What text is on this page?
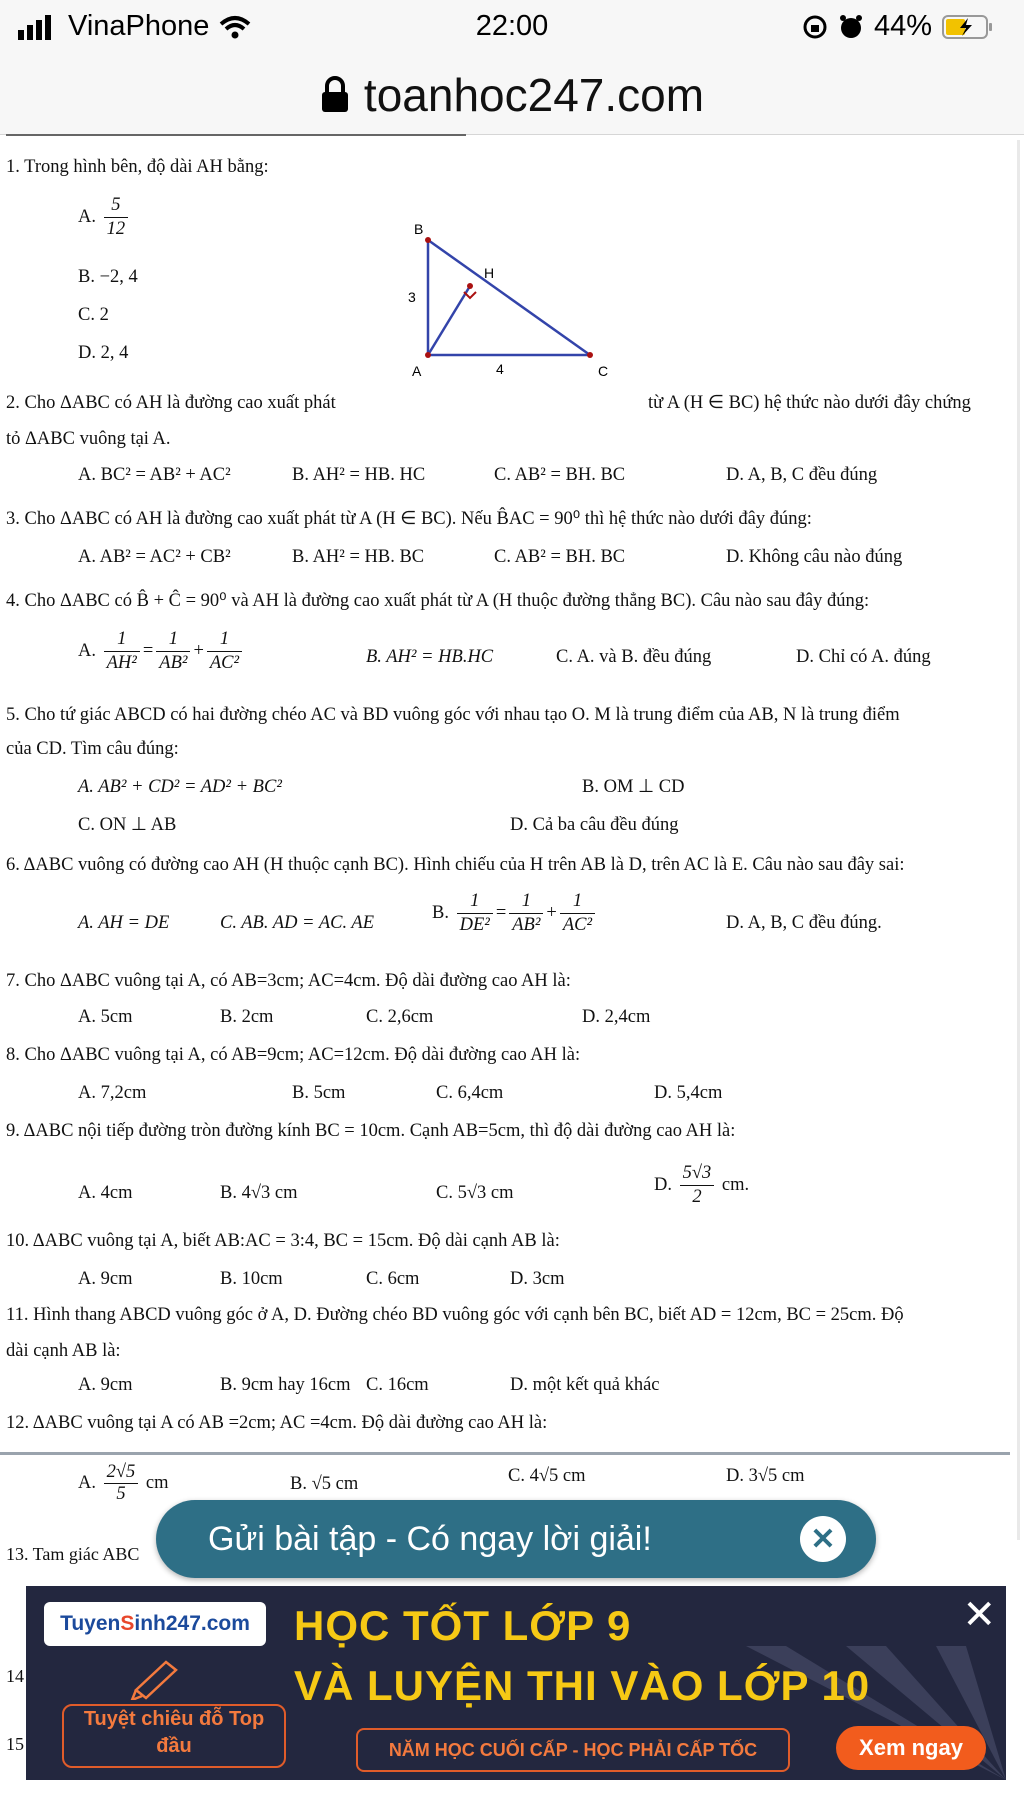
VinaPhone	22:00	44%
toanhoc247.com
1. Trong hình bên, độ dài AH bằng:
A. $\frac{5}{12}$
B. −2, 4
C. 2
D. 2, 4
B
H
A	C
3
4
2. Cho ΔABC có AH là đường cao xuất phát	từ A (H ∈ BC) hệ thức nào dưới đây chứng
tỏ ΔABC vuông tại A.
A. BC² = AB² + AC²	B. AH² = HB. HC	C. AB² = BH. BC	D. A, B, C đều đúng
3. Cho ΔABC có AH là đường cao xuất phát từ A (H ∈ BC). Nếu B̂AC = 90⁰ thì hệ thức nào dưới đây đúng:
A. AB² = AC² + CB²	B. AH² = HB. BC	C. AB² = BH. BC	D. Không câu nào đúng
4. Cho ΔABC có B̂ + Ĉ = 90⁰ và AH là đường cao xuất phát từ A (H thuộc đường thẳng BC). Câu nào sau đây đúng:
A. $\frac{1}{\text{AH²}} = \frac{1}{\text{AB²}} + \frac{1}{\text{AC²}}$	B. AH² = HB.HC	C. A. và B. đều đúng	D. Chỉ có A. đúng
5. Cho tứ giác ABCD có hai đường chéo AC và BD vuông góc với nhau tạo O. M là trung điểm của AB, N là trung điểm
của CD. Tìm câu đúng:
A. AB² + CD² = AD² + BC²	B. OM ⊥ CD
C. ON ⊥ AB	D. Cả ba câu đều đúng
6. ΔABC vuông có đường cao AH (H thuộc cạnh BC). Hình chiếu của H trên AB là D, trên AC là E. Câu nào sau đây sai:
A. AH = DE	C. AB. AD = AC. AE
B. $\frac{1}{\text{DE²}} = \frac{1}{\text{AB²}} + \frac{1}{\text{AC²}}$	D. A, B, C đều đúng.
7. Cho ΔABC vuông tại A, có AB=3cm; AC=4cm. Độ dài đường cao AH là:
A. 5cm	B. 2cm	C. 2,6cm	D. 2,4cm
8. Cho ΔABC vuông tại A, có AB=9cm; AC=12cm. Độ dài đường cao AH là:
A. 7,2cm	B. 5cm	C. 6,4cm	D. 5,4cm
9. ΔABC nội tiếp đường tròn đường kính BC = 10cm. Cạnh AB=5cm, thì độ dài đường cao AH là:
A. 4cm	B. 4√3 cm	C. 5√3 cm	D. $\frac{5√3}{2}$ cm.
10. ΔABC vuông tại A, biết AB:AC = 3:4, BC = 15cm. Độ dài cạnh AB là:
A. 9cm	B. 10cm	C. 6cm	D. 3cm
11. Hình thang ABCD vuông góc ở A, D. Đường chéo BD vuông góc với cạnh bên BC, biết AD = 12cm, BC = 25cm. Độ
dài cạnh AB là:
A. 9cm	B. 9cm hay 16cm C. 16cm	D. một kết quả khác
12. ΔABC vuông tại A có AB =2cm; AC =4cm. Độ dài đường cao AH là:
A. $\frac{2√5}{5}$ cm	B. √5 cm	C. 4√5 cm	D. 3√5 cm
13. Tam giác ABC
14
15
Gửi bài tập - Có ngay lời giải!	✕
Tuyen S inh247.com
Tuyệt chiêu đỗ Top đầu
HỌC TỐT LỚP 9
VÀ LUYỆN THI VÀO LỚP 10
NĂM HỌC CUỐI CẤP - HỌC PHẢI CẤP TỐC	Xem ngay
✕
